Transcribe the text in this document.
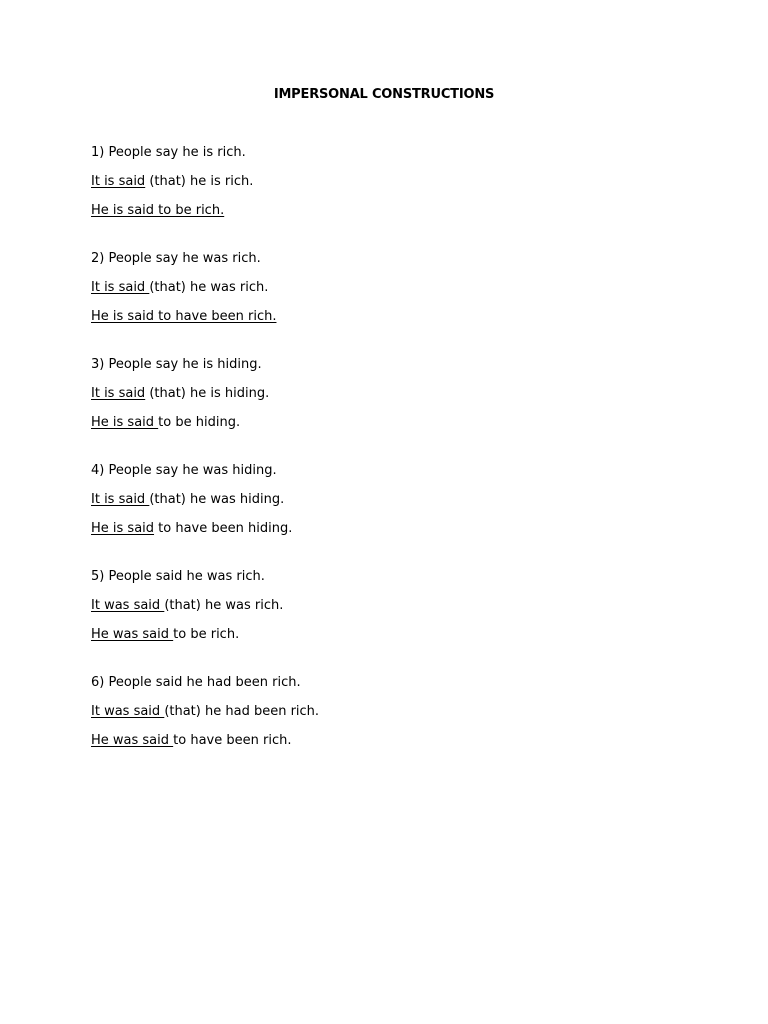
IMPERSONAL CONSTRUCTIONS
1) People say he is rich.
It is said (that) he is rich.
He is said to be rich.
2) People say he was rich.
It is said (that) he was rich.
He is said to have been rich.
3) People say he is hiding.
It is said (that) he is hiding.
He is said to be hiding.
4) People say he was hiding.
It is said (that) he was hiding.
He is said to have been hiding.
5) People said he was rich.
It was said (that) he was rich.
He was said to be rich.
6) People said he had been rich.
It was said (that) he had been rich.
He was said to have been rich.
